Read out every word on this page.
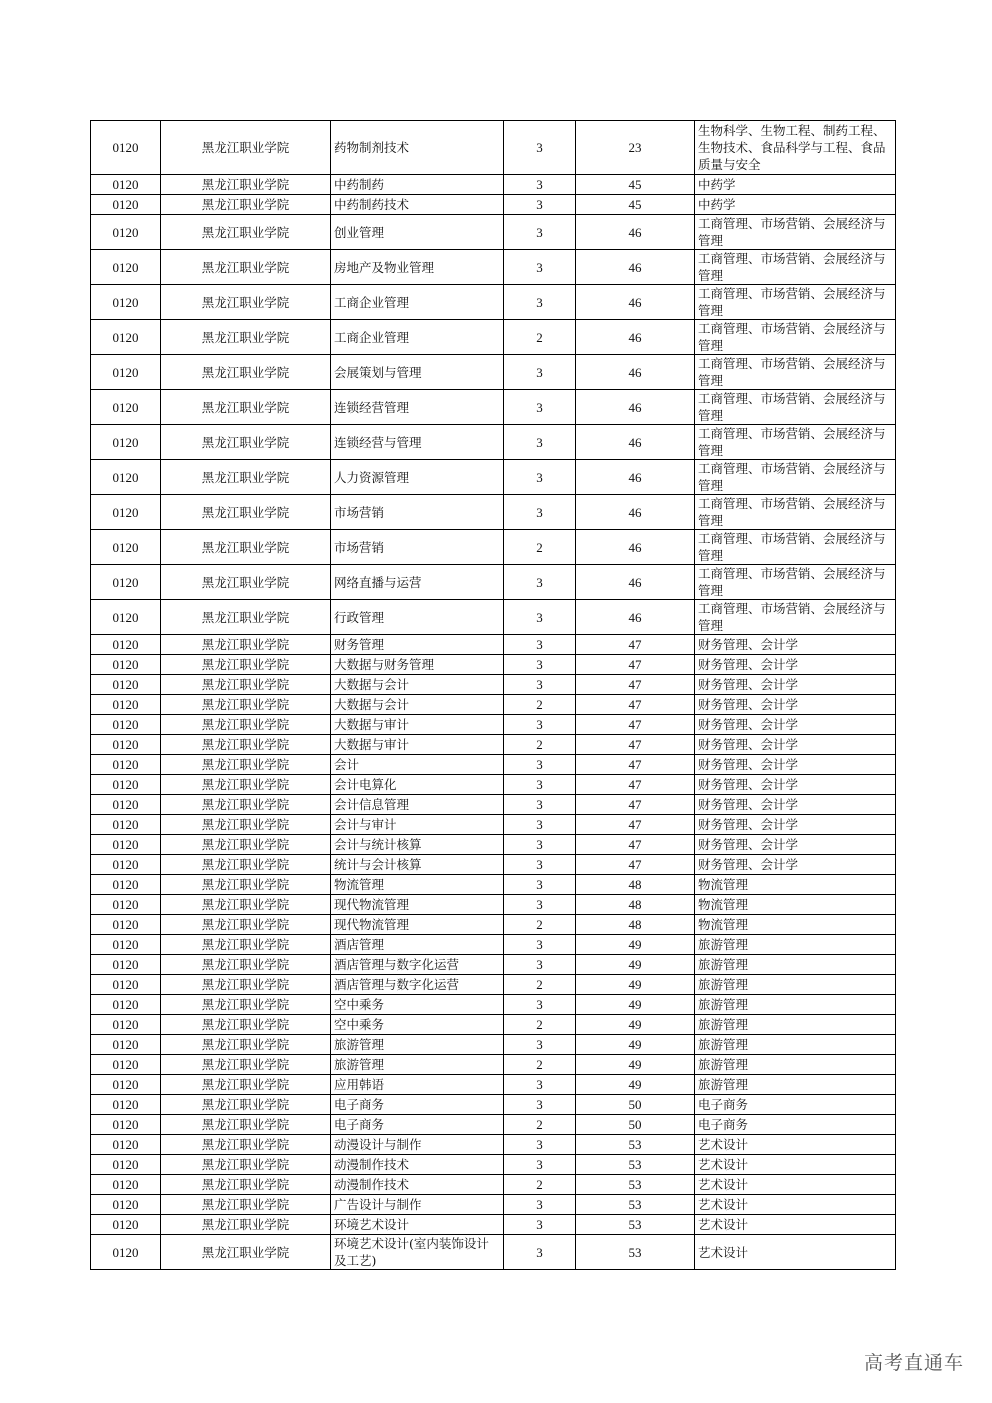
0120	黑龙江职业学院	药物制剂技术	3	23	生物科学、生物工程、制药工程、生物技术、食品科学与工程、食品质量与安全
0120	黑龙江职业学院	中药制药	3	45	中药学
0120	黑龙江职业学院	中药制药技术	3	45	中药学
0120	黑龙江职业学院	创业管理	3	46	工商管理、市场营销、会展经济与管理
0120	黑龙江职业学院	房地产及物业管理	3	46	工商管理、市场营销、会展经济与管理
0120	黑龙江职业学院	工商企业管理	3	46	工商管理、市场营销、会展经济与管理
0120	黑龙江职业学院	工商企业管理	2	46	工商管理、市场营销、会展经济与管理
0120	黑龙江职业学院	会展策划与管理	3	46	工商管理、市场营销、会展经济与管理
0120	黑龙江职业学院	连锁经营管理	3	46	工商管理、市场营销、会展经济与管理
0120	黑龙江职业学院	连锁经营与管理	3	46	工商管理、市场营销、会展经济与管理
0120	黑龙江职业学院	人力资源管理	3	46	工商管理、市场营销、会展经济与管理
0120	黑龙江职业学院	市场营销	3	46	工商管理、市场营销、会展经济与管理
0120	黑龙江职业学院	市场营销	2	46	工商管理、市场营销、会展经济与管理
0120	黑龙江职业学院	网络直播与运营	3	46	工商管理、市场营销、会展经济与管理
0120	黑龙江职业学院	行政管理	3	46	工商管理、市场营销、会展经济与管理
0120	黑龙江职业学院	财务管理	3	47	财务管理、会计学
0120	黑龙江职业学院	大数据与财务管理	3	47	财务管理、会计学
0120	黑龙江职业学院	大数据与会计	3	47	财务管理、会计学
0120	黑龙江职业学院	大数据与会计	2	47	财务管理、会计学
0120	黑龙江职业学院	大数据与审计	3	47	财务管理、会计学
0120	黑龙江职业学院	大数据与审计	2	47	财务管理、会计学
0120	黑龙江职业学院	会计	3	47	财务管理、会计学
0120	黑龙江职业学院	会计电算化	3	47	财务管理、会计学
0120	黑龙江职业学院	会计信息管理	3	47	财务管理、会计学
0120	黑龙江职业学院	会计与审计	3	47	财务管理、会计学
0120	黑龙江职业学院	会计与统计核算	3	47	财务管理、会计学
0120	黑龙江职业学院	统计与会计核算	3	47	财务管理、会计学
0120	黑龙江职业学院	物流管理	3	48	物流管理
0120	黑龙江职业学院	现代物流管理	3	48	物流管理
0120	黑龙江职业学院	现代物流管理	2	48	物流管理
0120	黑龙江职业学院	酒店管理	3	49	旅游管理
0120	黑龙江职业学院	酒店管理与数字化运营	3	49	旅游管理
0120	黑龙江职业学院	酒店管理与数字化运营	2	49	旅游管理
0120	黑龙江职业学院	空中乘务	3	49	旅游管理
0120	黑龙江职业学院	空中乘务	2	49	旅游管理
0120	黑龙江职业学院	旅游管理	3	49	旅游管理
0120	黑龙江职业学院	旅游管理	2	49	旅游管理
0120	黑龙江职业学院	应用韩语	3	49	旅游管理
0120	黑龙江职业学院	电子商务	3	50	电子商务
0120	黑龙江职业学院	电子商务	2	50	电子商务
0120	黑龙江职业学院	动漫设计与制作	3	53	艺术设计
0120	黑龙江职业学院	动漫制作技术	3	53	艺术设计
0120	黑龙江职业学院	动漫制作技术	2	53	艺术设计
0120	黑龙江职业学院	广告设计与制作	3	53	艺术设计
0120	黑龙江职业学院	环境艺术设计	3	53	艺术设计
0120	黑龙江职业学院	环境艺术设计(室内装饰设计及工艺)	3	53	艺术设计
高考直通车
